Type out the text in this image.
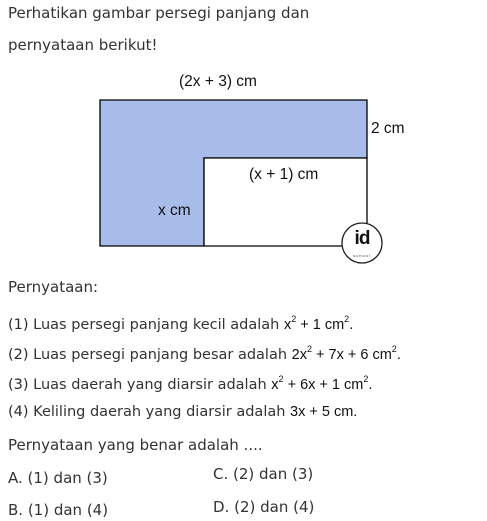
Perhatikan gambar persegi panjang dan
pernyataan berikut!
(2x + 3) cm
2 cm
(x + 1) cm
x cm
id
school
Pernyataan:
(1) Luas persegi panjang kecil adalah $x^2 + 1$ $cm^2$.
(2) Luas persegi panjang besar adalah $2x^2 + 7x + 6$ $cm^2$.
(3) Luas daerah yang diarsir adalah $x^2 + 6x + 1$ $cm^2$.
(4) Keliling daerah yang diarsir adalah 3x + 5 cm.
Pernyataan yang benar adalah ....
A. (1) dan (3)	C. (2) dan (3)
B. (1) dan (4)	D. (2) dan (4)
